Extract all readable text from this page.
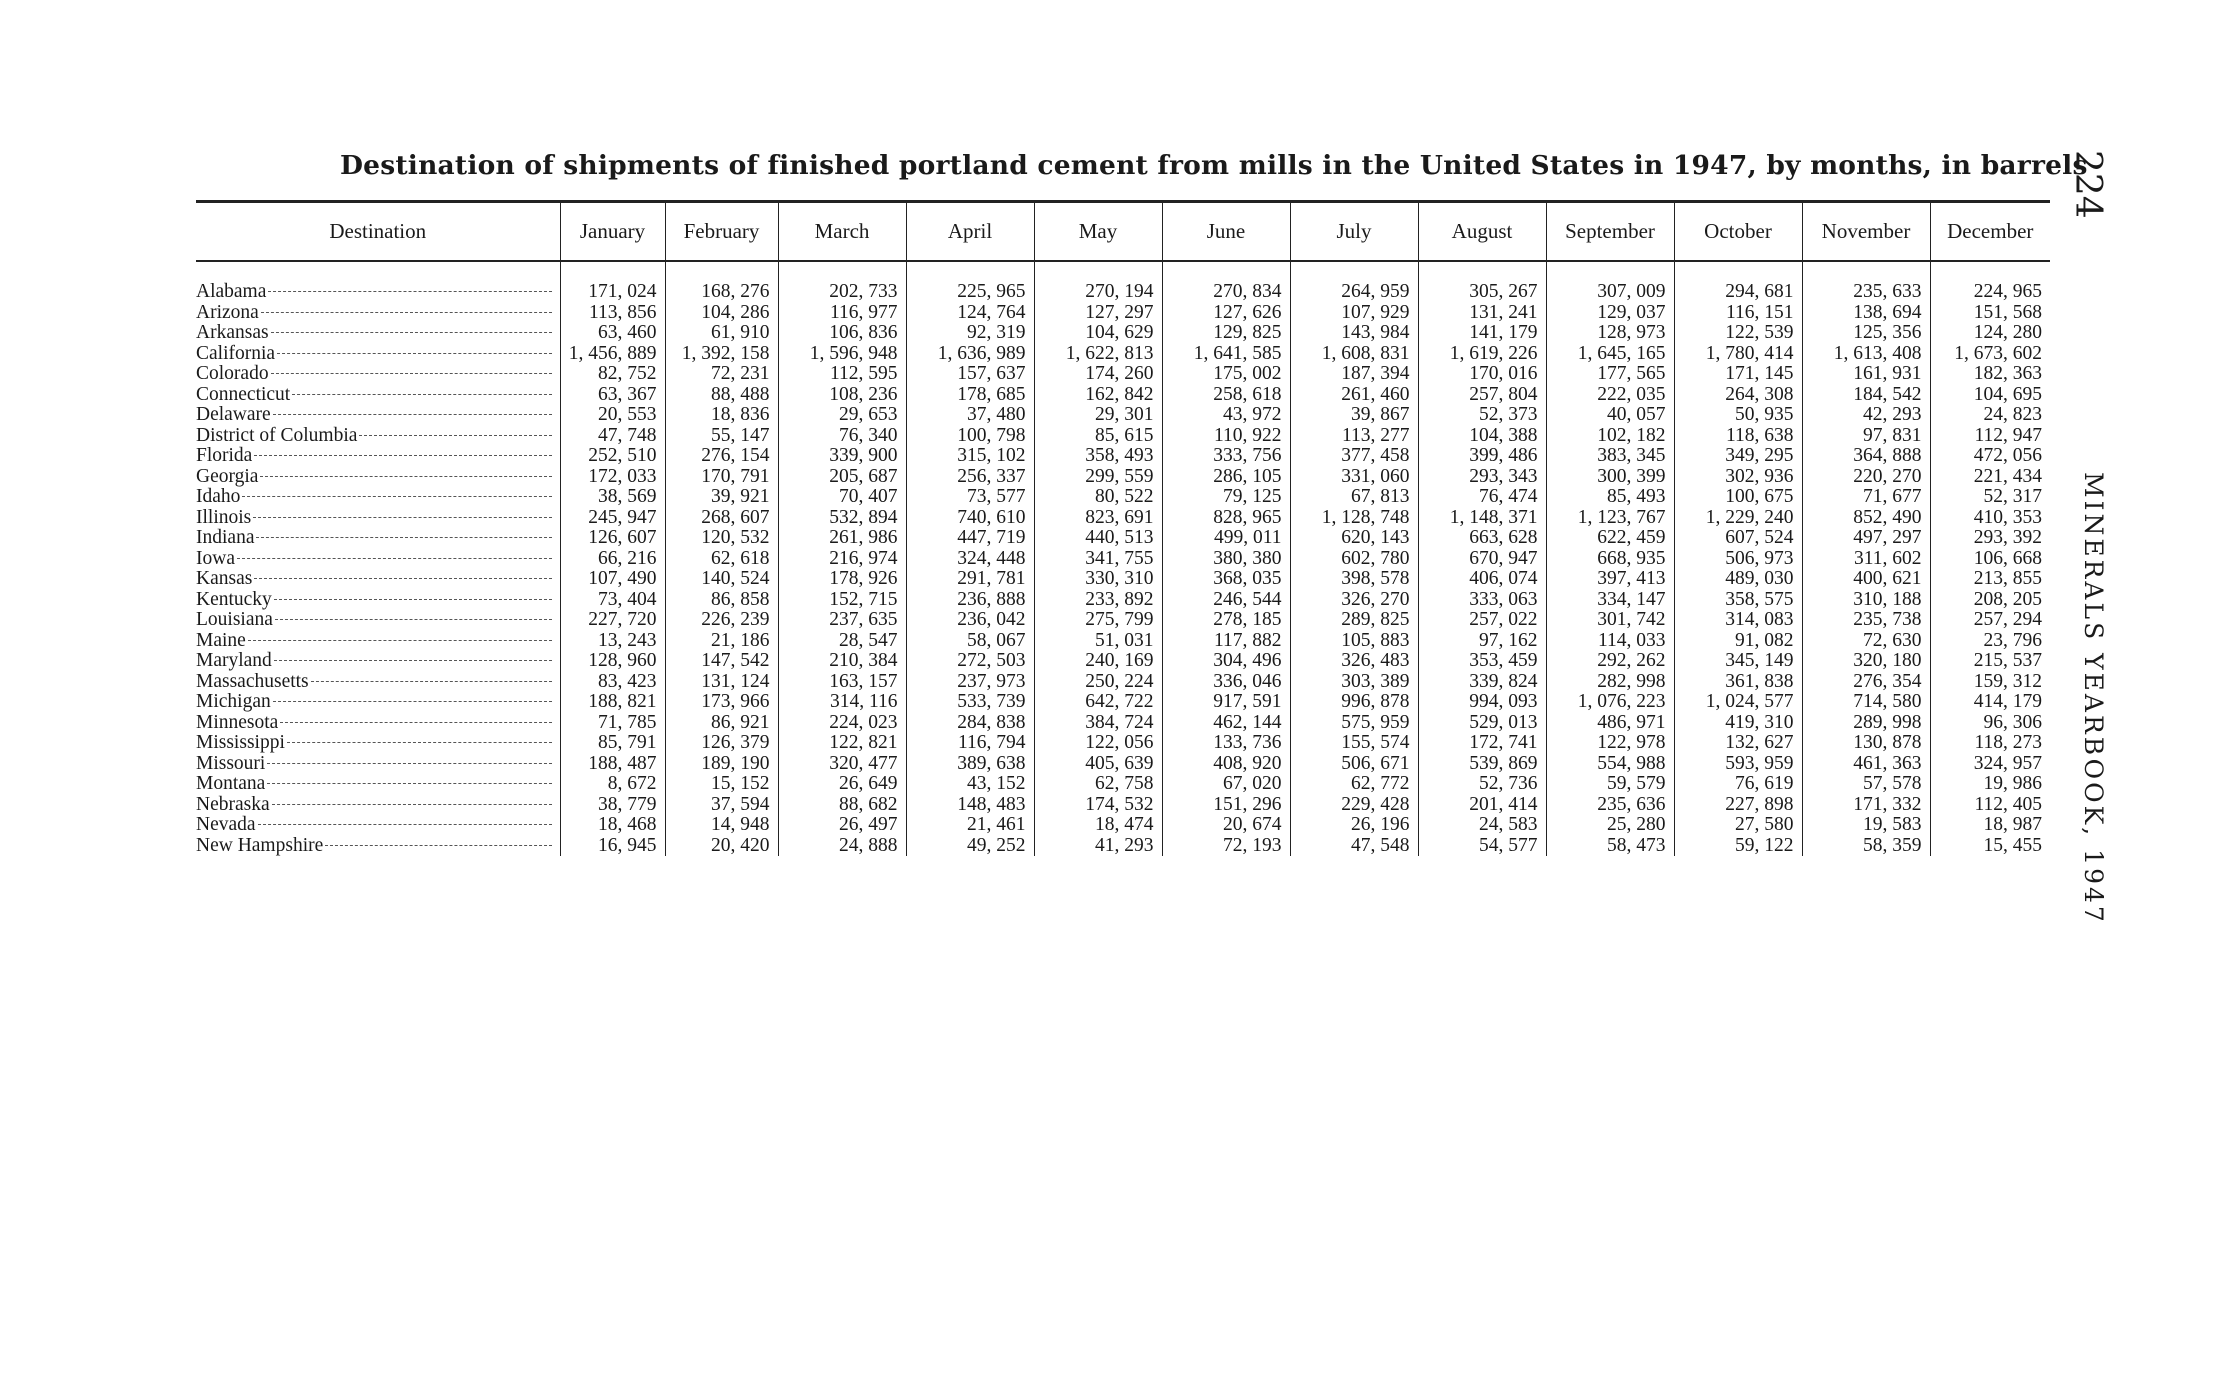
Destination of shipments of finished portland cement from mills in the United States in 1947, by months, in barrels
224
MINERALS YEARBOOK, 1947
Destination	January	February	March	April	May	June	July	August	September	October	November	December

Alabama	171, 024	168, 276	202, 733	225, 965	270, 194	270, 834	264, 959	305, 267	307, 009	294, 681	235, 633	224, 965

Arizona	113, 856	104, 286	116, 977	124, 764	127, 297	127, 626	107, 929	131, 241	129, 037	116, 151	138, 694	151, 568

Arkansas	63, 460	61, 910	106, 836	92, 319	104, 629	129, 825	143, 984	141, 179	128, 973	122, 539	125, 356	124, 280

California	1, 456, 889	1, 392, 158	1, 596, 948	1, 636, 989	1, 622, 813	1, 641, 585	1, 608, 831	1, 619, 226	1, 645, 165	1, 780, 414	1, 613, 408	1, 673, 602

Colorado	82, 752	72, 231	112, 595	157, 637	174, 260	175, 002	187, 394	170, 016	177, 565	171, 145	161, 931	182, 363

Connecticut	63, 367	88, 488	108, 236	178, 685	162, 842	258, 618	261, 460	257, 804	222, 035	264, 308	184, 542	104, 695

Delaware	20, 553	18, 836	29, 653	37, 480	29, 301	43, 972	39, 867	52, 373	40, 057	50, 935	42, 293	24, 823

District of Columbia	47, 748	55, 147	76, 340	100, 798	85, 615	110, 922	113, 277	104, 388	102, 182	118, 638	97, 831	112, 947

Florida	252, 510	276, 154	339, 900	315, 102	358, 493	333, 756	377, 458	399, 486	383, 345	349, 295	364, 888	472, 056

Georgia	172, 033	170, 791	205, 687	256, 337	299, 559	286, 105	331, 060	293, 343	300, 399	302, 936	220, 270	221, 434

Idaho	38, 569	39, 921	70, 407	73, 577	80, 522	79, 125	67, 813	76, 474	85, 493	100, 675	71, 677	52, 317

Illinois	245, 947	268, 607	532, 894	740, 610	823, 691	828, 965	1, 128, 748	1, 148, 371	1, 123, 767	1, 229, 240	852, 490	410, 353

Indiana	126, 607	120, 532	261, 986	447, 719	440, 513	499, 011	620, 143	663, 628	622, 459	607, 524	497, 297	293, 392

Iowa	66, 216	62, 618	216, 974	324, 448	341, 755	380, 380	602, 780	670, 947	668, 935	506, 973	311, 602	106, 668

Kansas	107, 490	140, 524	178, 926	291, 781	330, 310	368, 035	398, 578	406, 074	397, 413	489, 030	400, 621	213, 855

Kentucky	73, 404	86, 858	152, 715	236, 888	233, 892	246, 544	326, 270	333, 063	334, 147	358, 575	310, 188	208, 205

Louisiana	227, 720	226, 239	237, 635	236, 042	275, 799	278, 185	289, 825	257, 022	301, 742	314, 083	235, 738	257, 294

Maine	13, 243	21, 186	28, 547	58, 067	51, 031	117, 882	105, 883	97, 162	114, 033	91, 082	72, 630	23, 796

Maryland	128, 960	147, 542	210, 384	272, 503	240, 169	304, 496	326, 483	353, 459	292, 262	345, 149	320, 180	215, 537

Massachusetts	83, 423	131, 124	163, 157	237, 973	250, 224	336, 046	303, 389	339, 824	282, 998	361, 838	276, 354	159, 312

Michigan	188, 821	173, 966	314, 116	533, 739	642, 722	917, 591	996, 878	994, 093	1, 076, 223	1, 024, 577	714, 580	414, 179

Minnesota	71, 785	86, 921	224, 023	284, 838	384, 724	462, 144	575, 959	529, 013	486, 971	419, 310	289, 998	96, 306

Mississippi	85, 791	126, 379	122, 821	116, 794	122, 056	133, 736	155, 574	172, 741	122, 978	132, 627	130, 878	118, 273

Missouri	188, 487	189, 190	320, 477	389, 638	405, 639	408, 920	506, 671	539, 869	554, 988	593, 959	461, 363	324, 957

Montana	8, 672	15, 152	26, 649	43, 152	62, 758	67, 020	62, 772	52, 736	59, 579	76, 619	57, 578	19, 986

Nebraska	38, 779	37, 594	88, 682	148, 483	174, 532	151, 296	229, 428	201, 414	235, 636	227, 898	171, 332	112, 405

Nevada	18, 468	14, 948	26, 497	21, 461	18, 474	20, 674	26, 196	24, 583	25, 280	27, 580	19, 583	18, 987

New Hampshire	16, 945	20, 420	24, 888	49, 252	41, 293	72, 193	47, 548	54, 577	58, 473	59, 122	58, 359	15, 455
